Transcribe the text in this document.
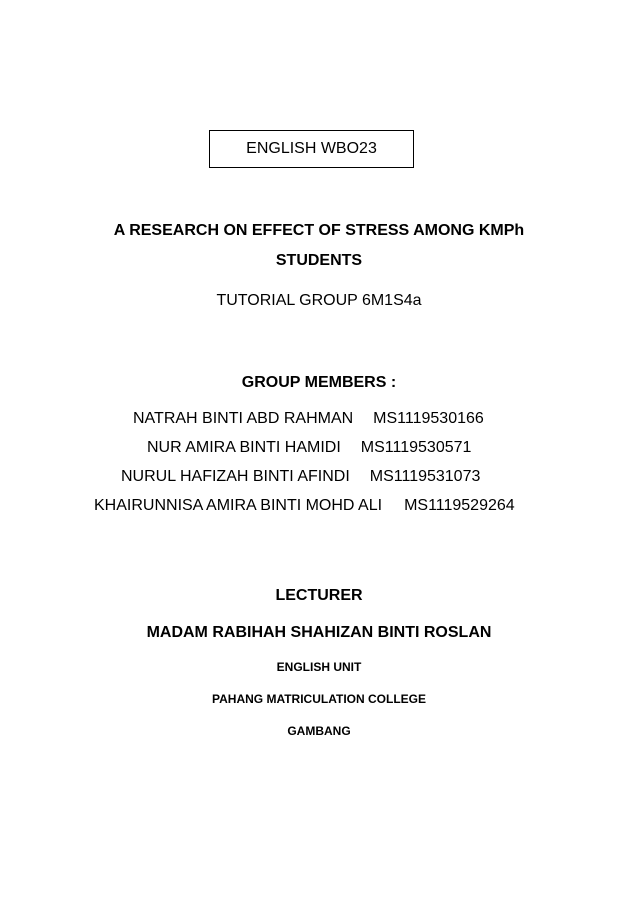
ENGLISH WBO23
A RESEARCH ON EFFECT OF STRESS AMONG KMPh
STUDENTS
TUTORIAL GROUP 6M1S4a
GROUP MEMBERS :
NATRAH BINTI ABD RAHMAN MS1119530166
NUR AMIRA BINTI HAMIDI MS1119530571
NURUL HAFIZAH BINTI AFINDI MS1119531073
KHAIRUNNISA AMIRA BINTI MOHD ALI MS1119529264
LECTURER
MADAM RABIHAH SHAHIZAN BINTI ROSLAN
ENGLISH UNIT
PAHANG MATRICULATION COLLEGE
GAMBANG
